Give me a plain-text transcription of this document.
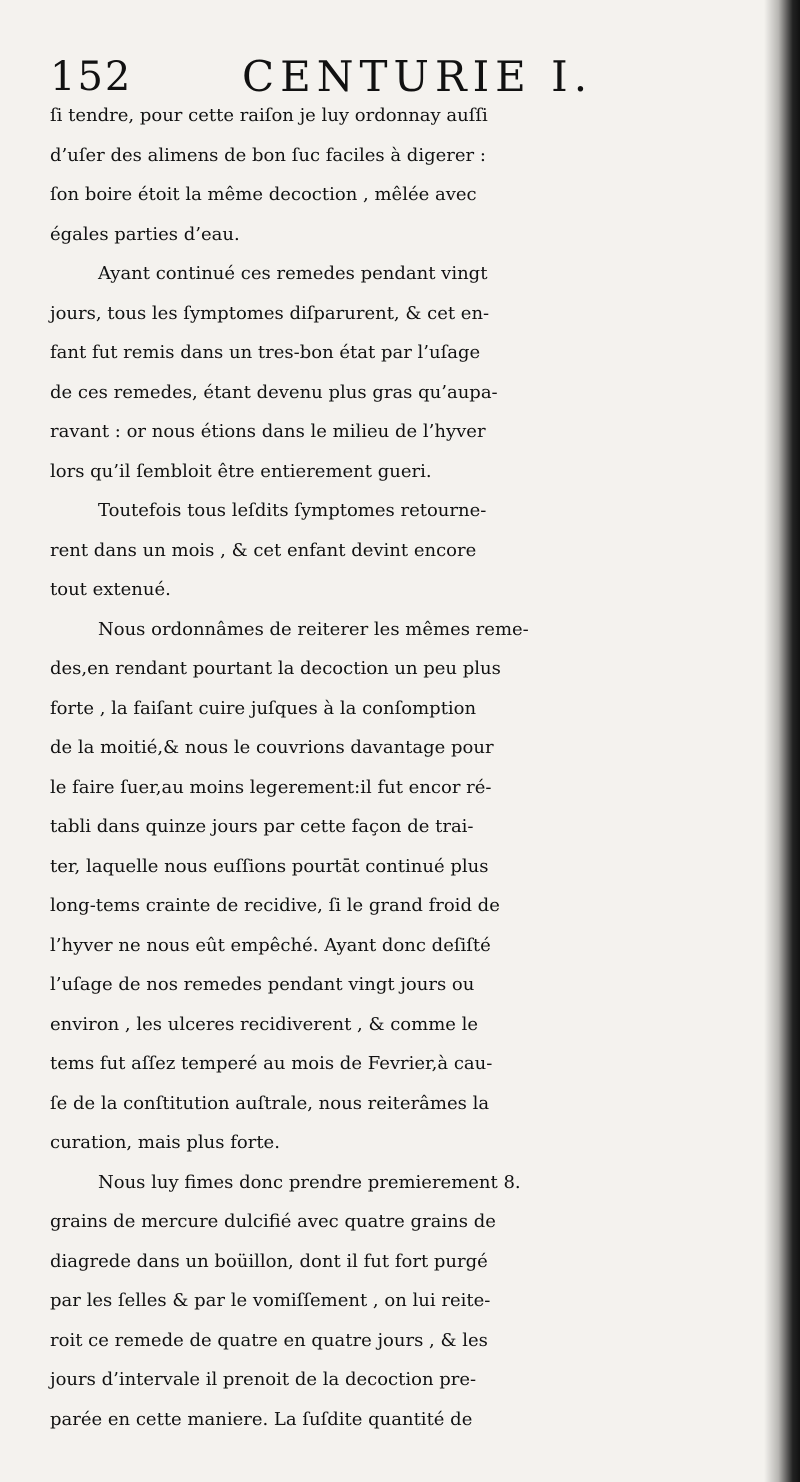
152	CENTURIE I.
ſi tendre, pour cette raiſon je luy ordonnay auſſi
d’uſer des alimens de bon ſuc faciles à digerer :
ſon boire étoit la même decoction , mêlée avec
égales parties d’eau.
Ayant continué ces remedes pendant vingt
jours, tous les ſymptomes diſparurent, & cet en-
fant fut remis dans un tres-bon état par l’uſage
de ces remedes, étant devenu plus gras qu’aupa-
ravant : or nous étions dans le milieu de l’hyver
lors qu’il ſembloit être entierement gueri.
Toutefois tous leſdits ſymptomes retourne-
rent dans un mois , & cet enfant devint encore
tout extenué.
Nous ordonnâmes de reiterer les mêmes reme-
des,en rendant pourtant la decoction un peu plus
forte , la faiſant cuire juſques à la conſomption
de la moitié,& nous le couvrions davantage pour
le faire ſuer,au moins legerement:il fut encor ré-
tabli dans quinze jours par cette façon de trai-
ter, laquelle nous euſſions pourtāt continué plus
long-tems crainte de recidive, ſi le grand froid de
l’hyver ne nous eût empêché. Ayant donc deſiſté
l’uſage de nos remedes pendant vingt jours ou
environ , les ulceres recidiverent , & comme le
tems fut aſſez temperé au mois de Fevrier,à cau-
ſe de la conſtitution auſtrale, nous reiterâmes la
curation, mais plus forte.
Nous luy fimes donc prendre premierement 8.
grains de mercure dulcifié avec quatre grains de
diagrede dans un boüillon, dont il fut fort purgé
par les ſelles & par le vomiſſement , on lui reite-
roit ce remede de quatre en quatre jours , & les
jours d’intervale il prenoit de la decoction pre-
parée en cette maniere. La ſuſdite quantité de
